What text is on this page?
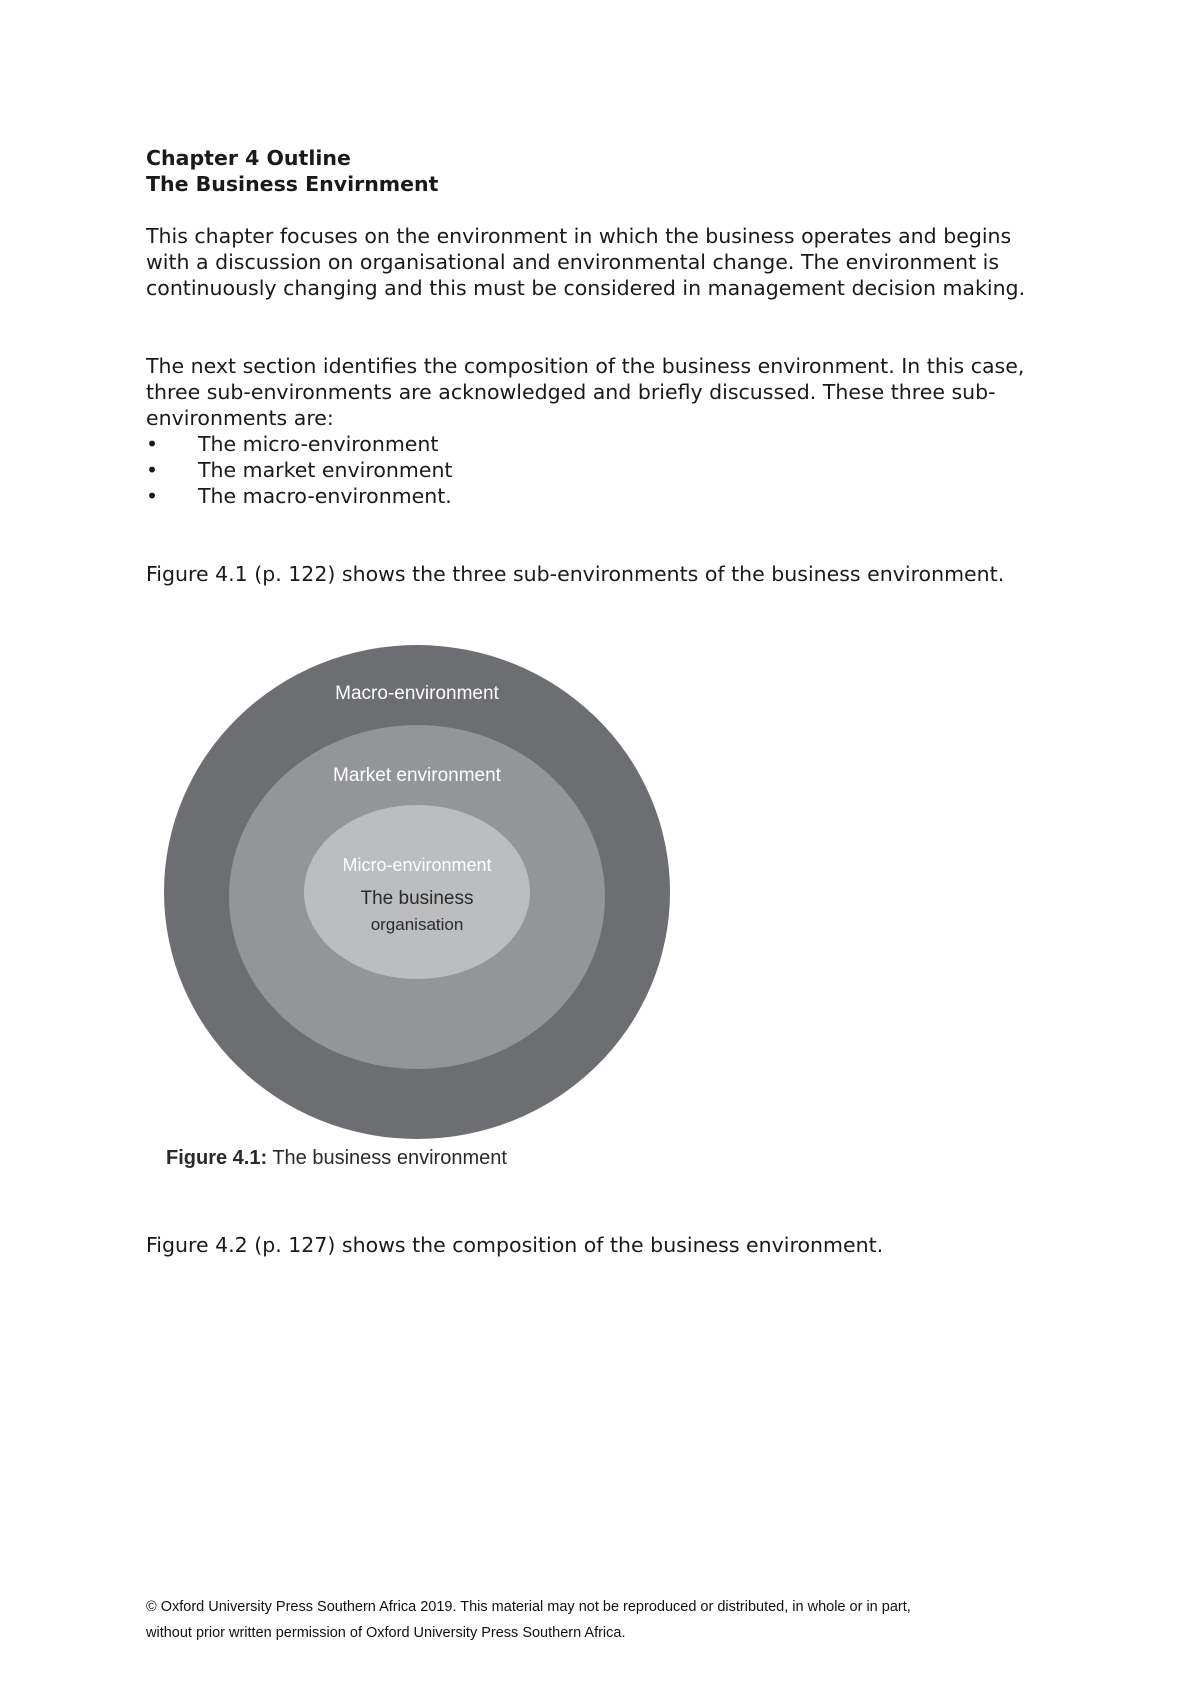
Chapter 4 Outline
The Business Envirnment

This chapter focuses on the environment in which the business operates and begins with a discussion on organisational and environmental change. The environment is continuously changing and this must be considered in management decision making.

The next section identifies the composition of the business environment. In this case, three sub-environments are acknowledged and briefly discussed. These three sub-environments are:

• The micro-environment
• The market environment
• The macro-environment.

Figure 4.1 (p. 122) shows the three sub-environments of the business environment.

Macro-environment
Market environment
Micro-environment
The business
organisation
Figure 4.1: The business environment

Figure 4.2 (p. 127) shows the composition of the business environment.

© Oxford University Press Southern Africa 2019. This material may not be reproduced or distributed, in whole or in part,
without prior written permission of Oxford University Press Southern Africa.
